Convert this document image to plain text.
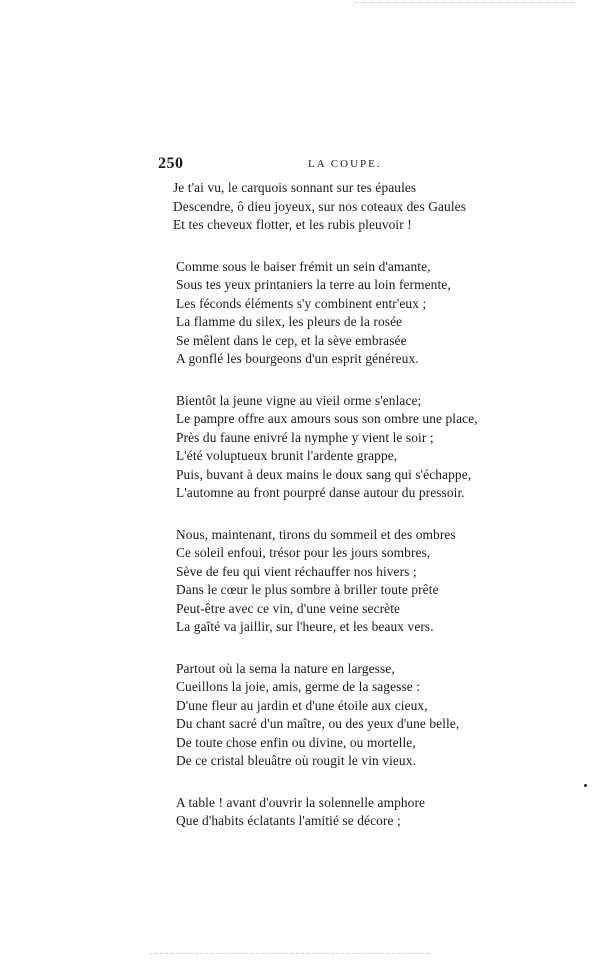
250	LA COUPE.
Je t'ai vu, le carquois sonnant sur tes épaules
Descendre, ô dieu joyeux, sur nos coteaux des Gaules
Et tes cheveux flotter, et les rubis pleuvoir !
Comme sous le baiser frémit un sein d'amante,
Sous tes yeux printaniers la terre au loin fermente,
Les féconds éléments s'y combinent entr'eux ;
La flamme du silex, les pleurs de la rosée
Se mêlent dans le cep, et la sève embrasée
A gonflé les bourgeons d'un esprit généreux.
Bientôt la jeune vigne au vieil orme s'enlace;
Le pampre offre aux amours sous son ombre une place,
Près du faune enivré la nymphe y vient le soir ;
L'été voluptueux brunit l'ardente grappe,
Puis, buvant à deux mains le doux sang qui s'échappe,
L'automne au front pourpré danse autour du pressoir.
Nous, maintenant, tirons du sommeil et des ombres
Ce soleil enfoui, trésor pour les jours sombres,
Sève de feu qui vient réchauffer nos hivers ;
Dans le cœur le plus sombre à briller toute prête
Peut-être avec ce vin, d'une veine secrète
La gaîté va jaillir, sur l'heure, et les beaux vers.
Partout où la sema la nature en largesse,
Cueillons la joie, amis, germe de la sagesse :
D'une fleur au jardin et d'une étoile aux cieux,
Du chant sacré d'un maître, ou des yeux d'une belle,
De toute chose enfin ou divine, ou mortelle,
De ce cristal bleuâtre où rougit le vin vieux.
A table ! avant d'ouvrir la solennelle amphore
Que d'habits éclatants l'amitié se décore ;
